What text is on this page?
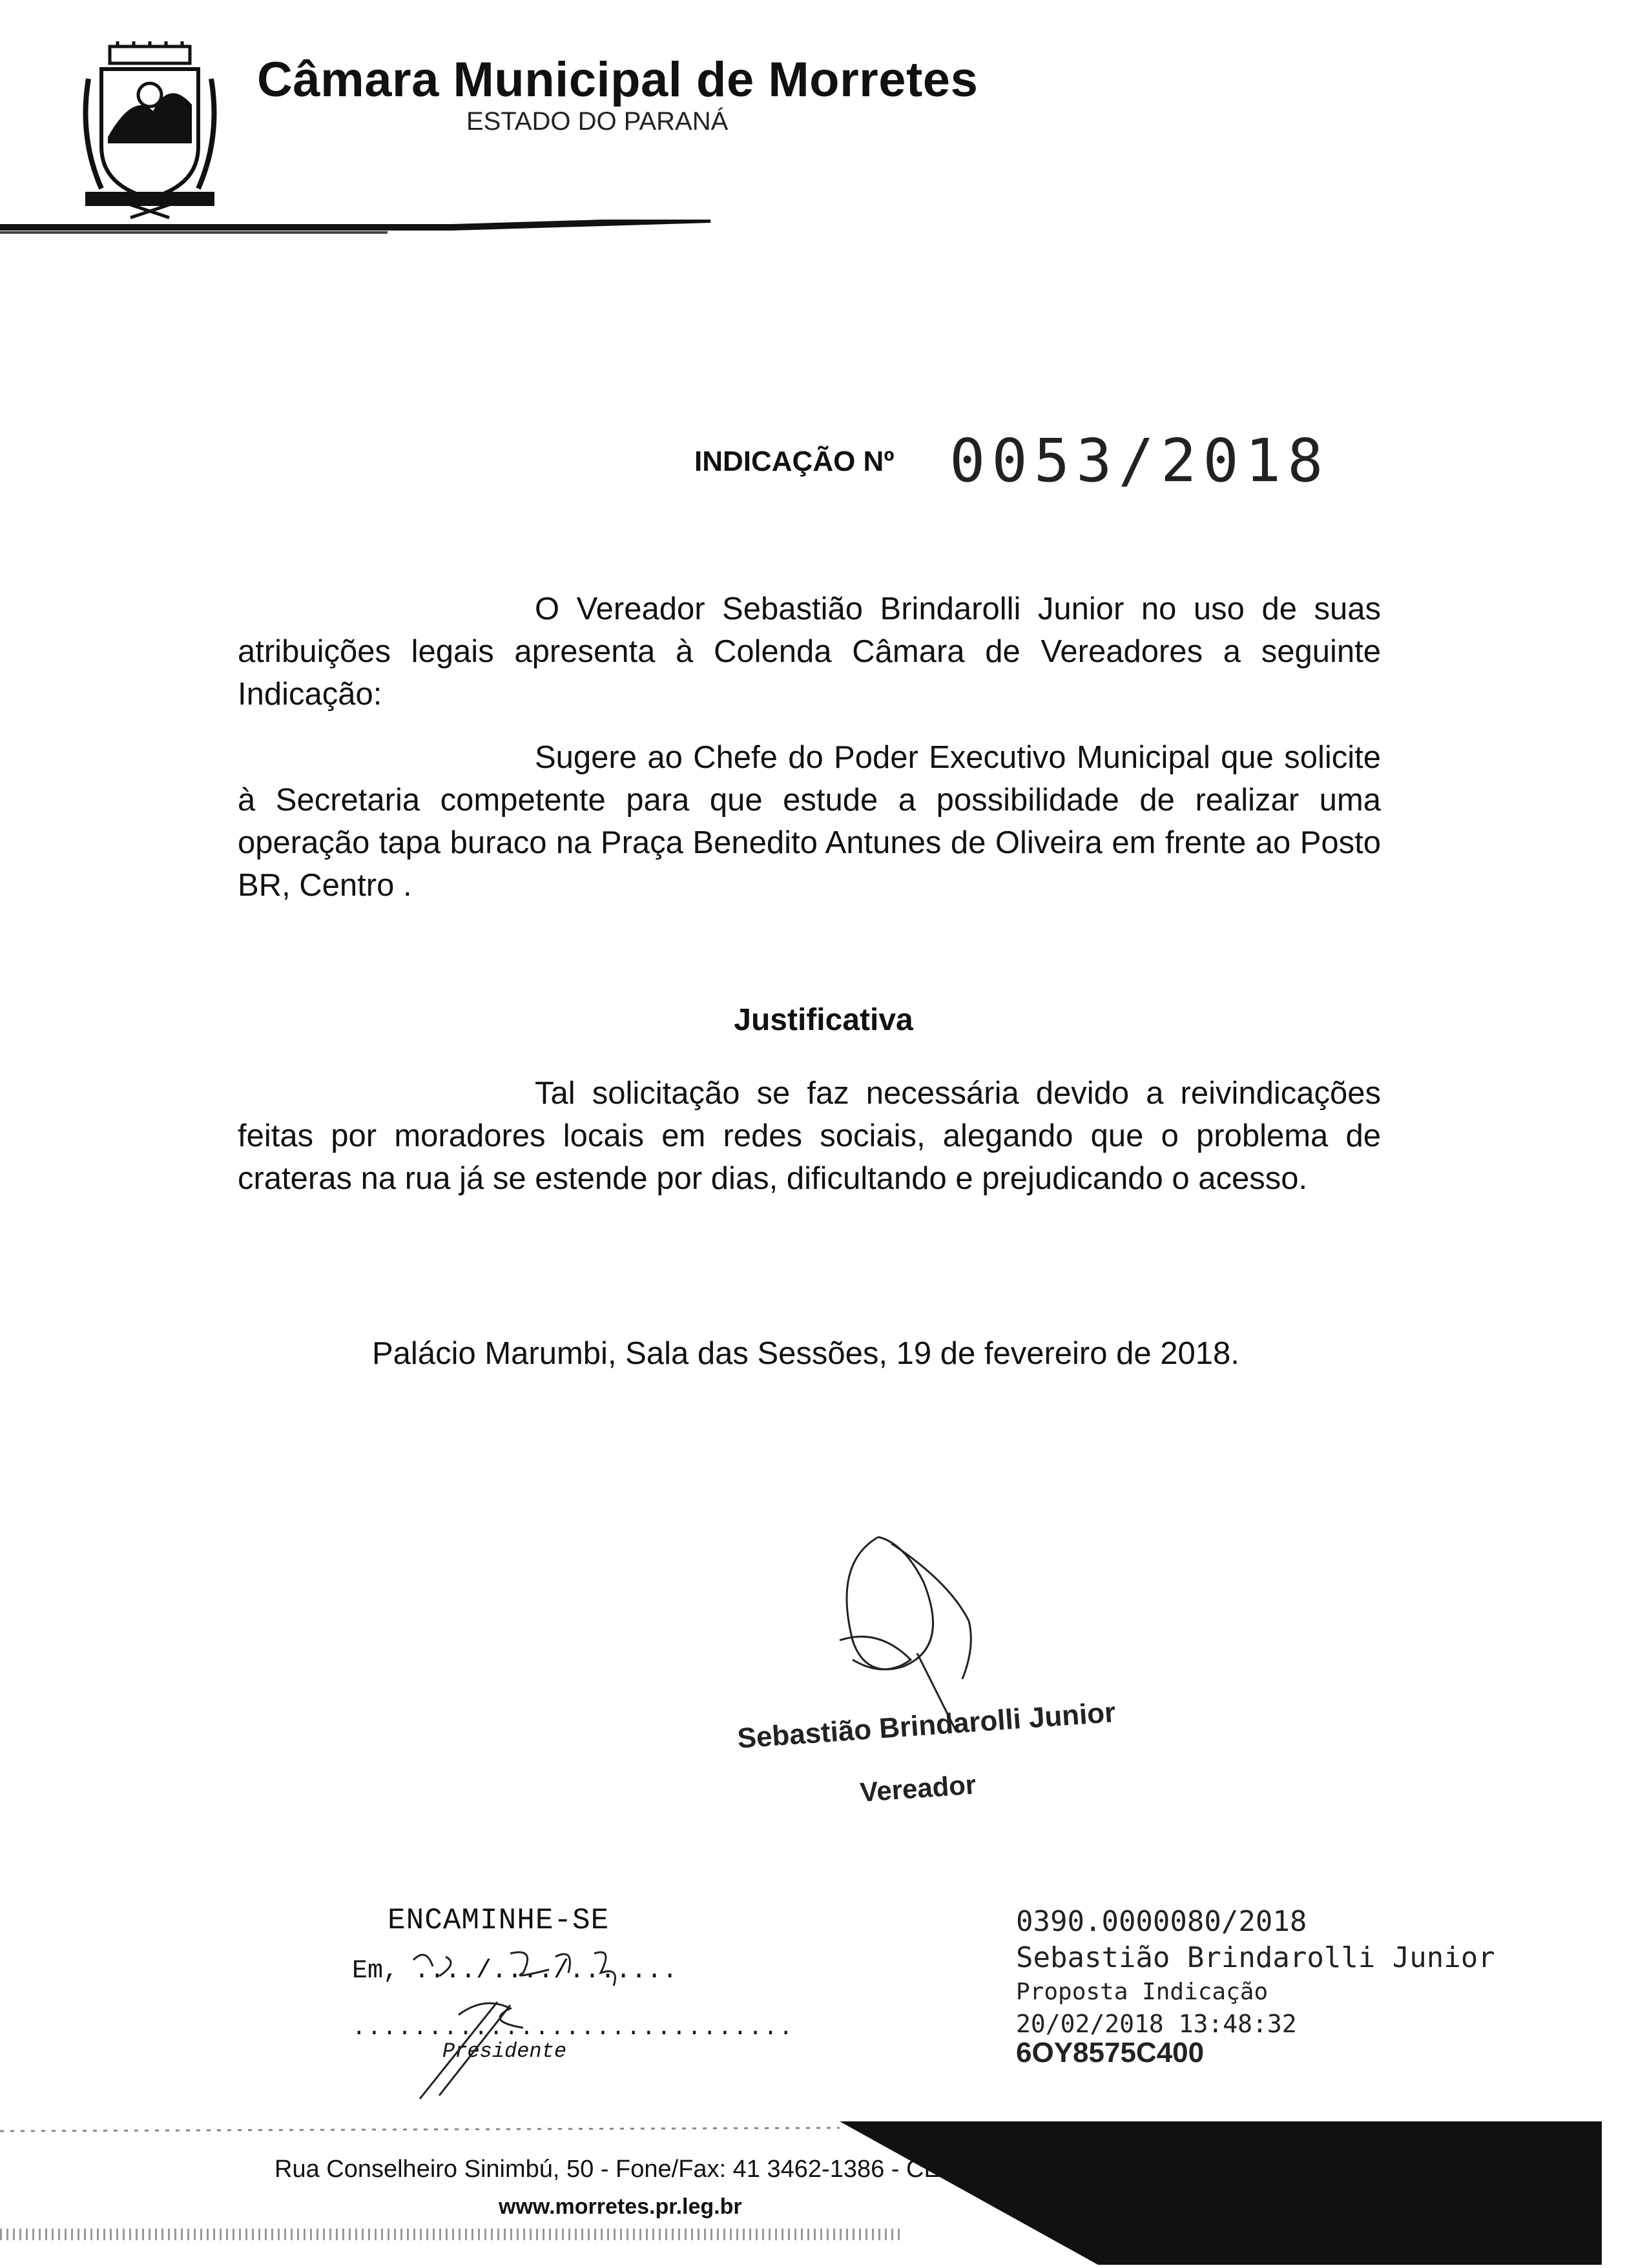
Câmara Municipal de Morretes
ESTADO DO PARANÁ
INDICAÇÃO Nº 0053/2018
O Vereador Sebastião Brindarolli Junior no uso de suas atribuições legais apresenta à Colenda Câmara de Vereadores a seguinte Indicação:
Sugere ao Chefe do Poder Executivo Municipal que solicite à Secretaria competente para que estude a possibilidade de realizar uma operação tapa buraco na Praça Benedito Antunes de Oliveira em frente ao Posto BR, Centro .
Justificativa
Tal solicitação se faz necessária devido a reivindicações feitas por moradores locais em redes sociais, alegando que o problema de crateras na rua já se estende por dias, dificultando e prejudicando o acesso.
Palácio Marumbi, Sala das Sessões, 19 de fevereiro de 2018.
Sebastião Brindarolli Junior
Vereador
ENCAMINHE-SE
Em, ..../..../.......
.............................
Presidente
0390.0000080/2018
Sebastião Brindarolli Junior
Proposta Indicação
20/02/2018 13:48:32
6OY8575C400
Rua Conselheiro Sinimbú, 50 - Fone/Fax: 41 3462-1386 - CEP
www.morretes.pr.leg.br
